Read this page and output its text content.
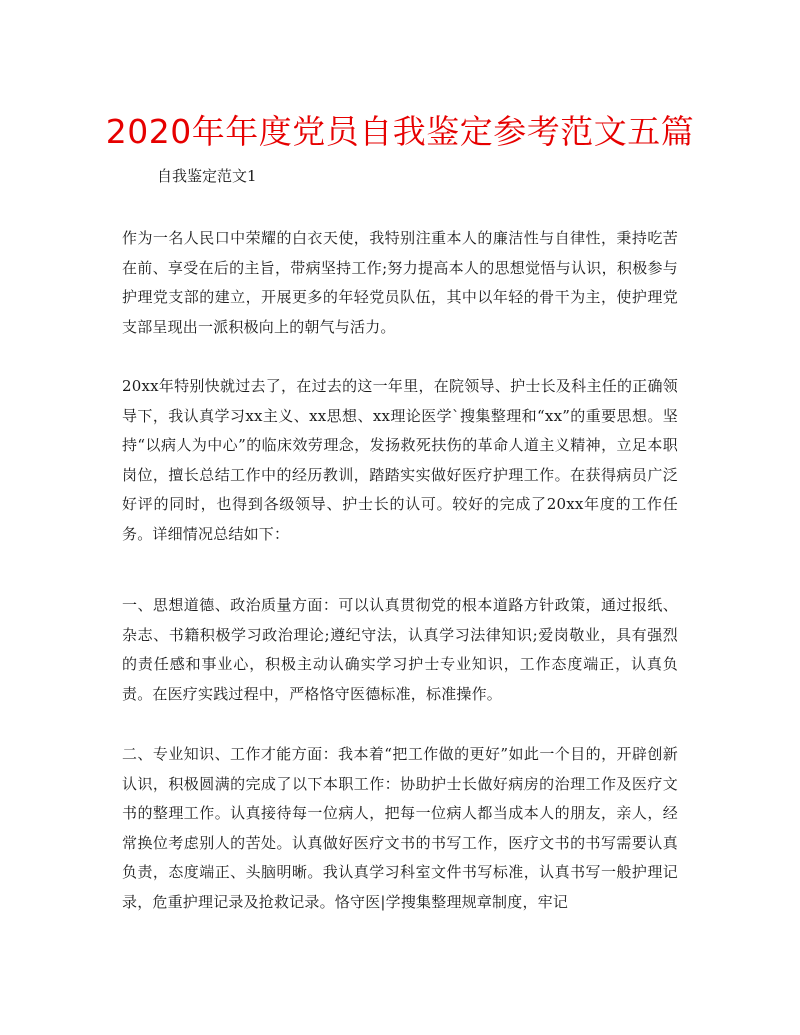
2020年年度党员自我鉴定参考范文五篇
自我鉴定范文1

作为一名人民口中荣耀的白衣天使，我特别注重本人的廉洁性与自律性，秉持吃苦在前、享受在后的主旨，带病坚持工作;努力提高本人的思想觉悟与认识，积极参与护理党支部的建立，开展更多的年轻党员队伍，其中以年轻的骨干为主，使护理党支部呈现出一派积极向上的朝气与活力。

20xx年特别快就过去了，在过去的这一年里，在院领导、护士长及科主任的正确领导下，我认真学习xx主义、xx思想、xx理论医学`搜集整理和“xx”的重要思想。坚持“以病人为中心”的临床效劳理念，发扬救死扶伤的革命人道主义精神，立足本职岗位，擅长总结工作中的经历教训，踏踏实实做好医疗护理工作。在获得病员广泛好评的同时，也得到各级领导、护士长的认可。较好的完成了20xx年度的工作任务。详细情况总结如下：

一、思想道德、政治质量方面：可以认真贯彻党的根本道路方针政策，通过报纸、杂志、书籍积极学习政治理论;遵纪守法，认真学习法律知识;爱岗敬业，具有强烈的责任感和事业心，积极主动认确实学习护士专业知识，工作态度端正，认真负责。在医疗实践过程中，严格恪守医德标准，标准操作。

二、专业知识、工作才能方面：我本着“把工作做的更好”如此一个目的，开辟创新认识，积极圆满的完成了以下本职工作：协助护士长做好病房的治理工作及医疗文书的整理工作。认真接待每一位病人，把每一位病人都当成本人的朋友，亲人，经常换位考虑别人的苦处。认真做好医疗文书的书写工作，医疗文书的书写需要认真负责，态度端正、头脑明晰。我认真学习科室文件书写标准，认真书写一般护理记录，危重护理记录及抢救记录。恪守医|学搜集整理规章制度，牢记
